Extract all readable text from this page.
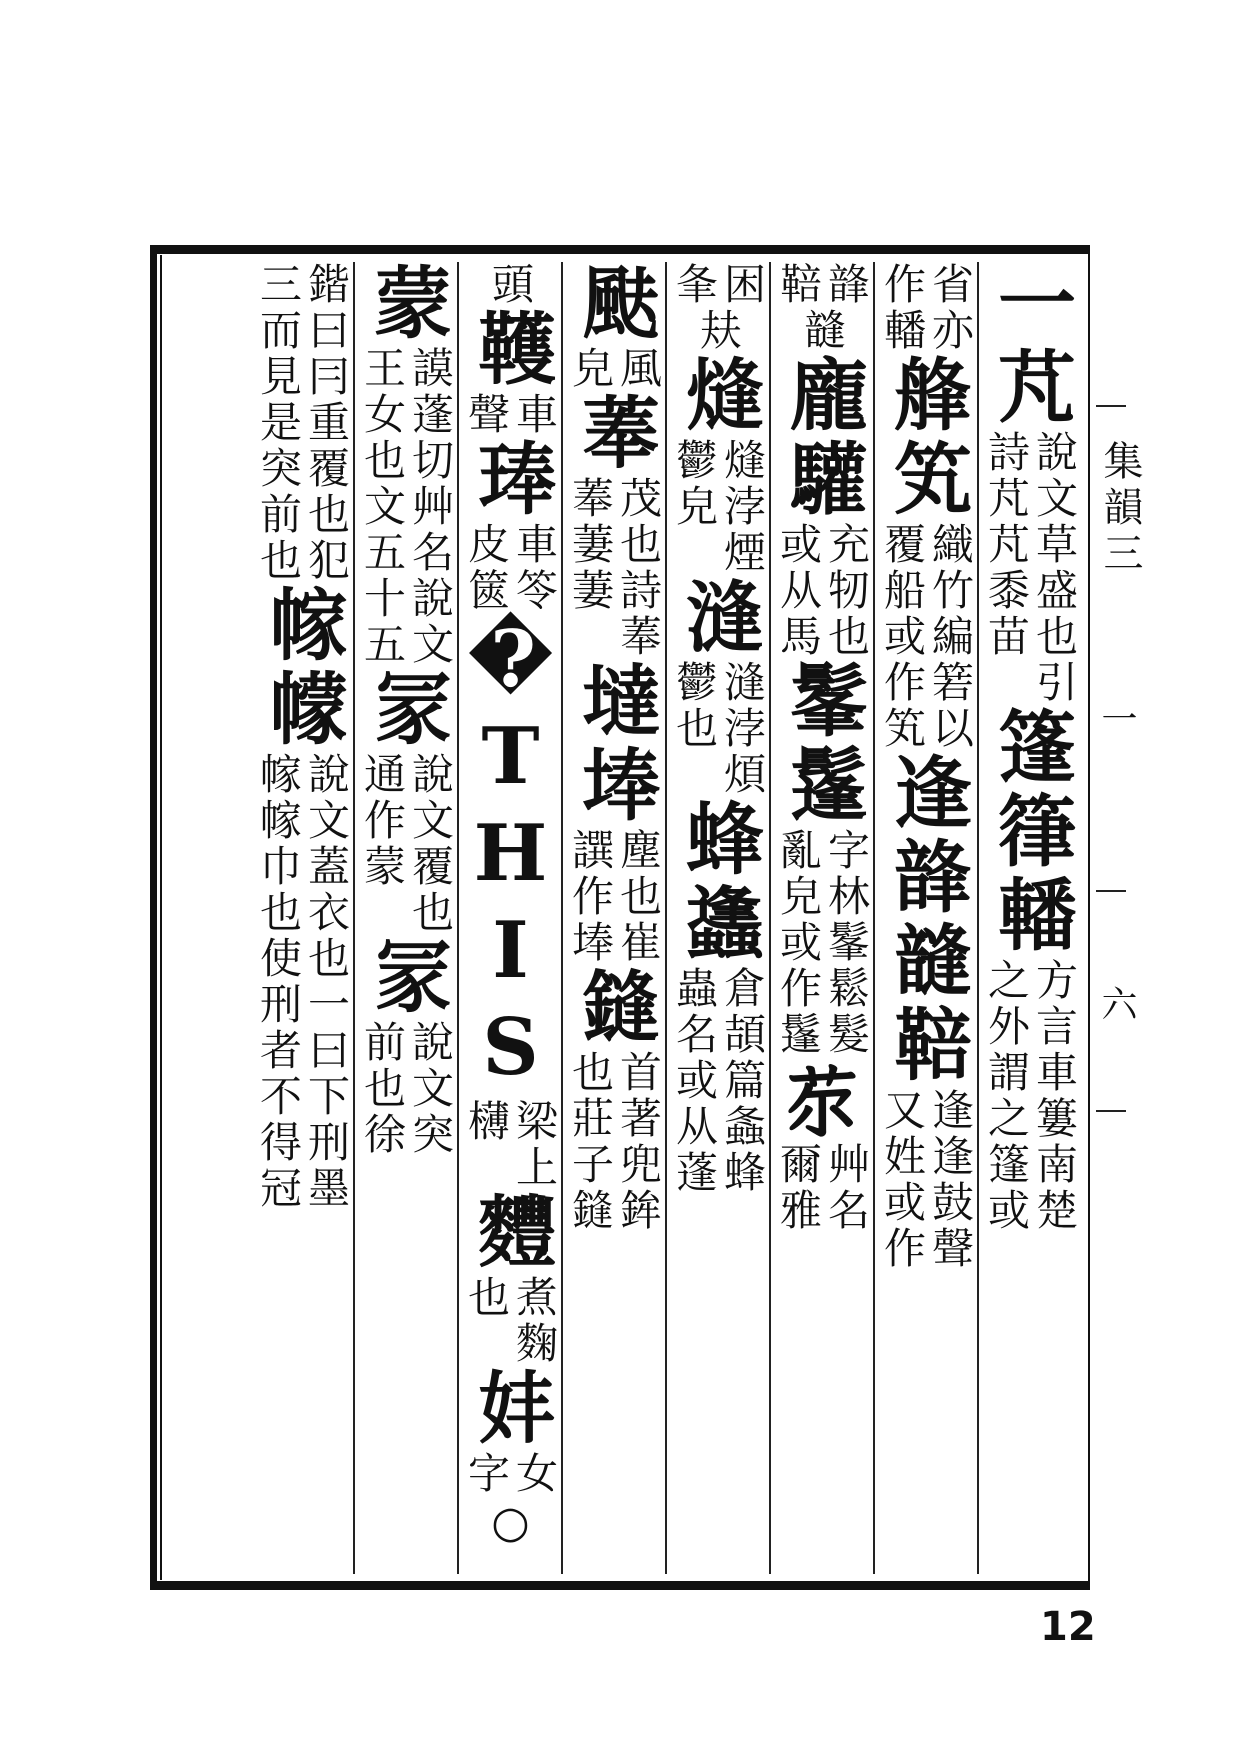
一
芃
說文草盛也引
詩芃芃黍苗
篷箻轓
方言車簍南楚
之外謂之篷或
省亦
作轓
艂
笂
織竹編箬以
覆船或作笂
逢
韸
韼
鞛
逢逢鼓聲
又姓或作
韸
鞛
韼
龐
驩
充牣也
或从馬
髼
鬔
字林髼鬆髮
亂皃或作鬔
𦬼
艸名
爾雅
困
夆
㚘
熢
熢浡煙
鬱皃
漨
漨浡煩
鬱也
蜂
蠭
倉頡篇螽蜂
蟲名或从蓬
颫
風
皃
菶
茂也詩菶
菶萋萋
墶
埲
塵也崔
譔作埲
鏠
首著兜鉾
也莊子鏠
頭
韄
車
聲
琫
車笭
皮篋
�THIS
梁上
欂
麷
煮麴
也
妦
女
字
○
蒙
謨蓬切艸名說文
王女也文五十五
冡
說文覆也
通作蒙
冡
說文突
前也徐
鍇曰冃重覆也犯
三而見是突前也
幏
幪
說文蓋衣也一曰下刑墨
幏幏巾也使刑者不得冠
集韻三
一
六
12
